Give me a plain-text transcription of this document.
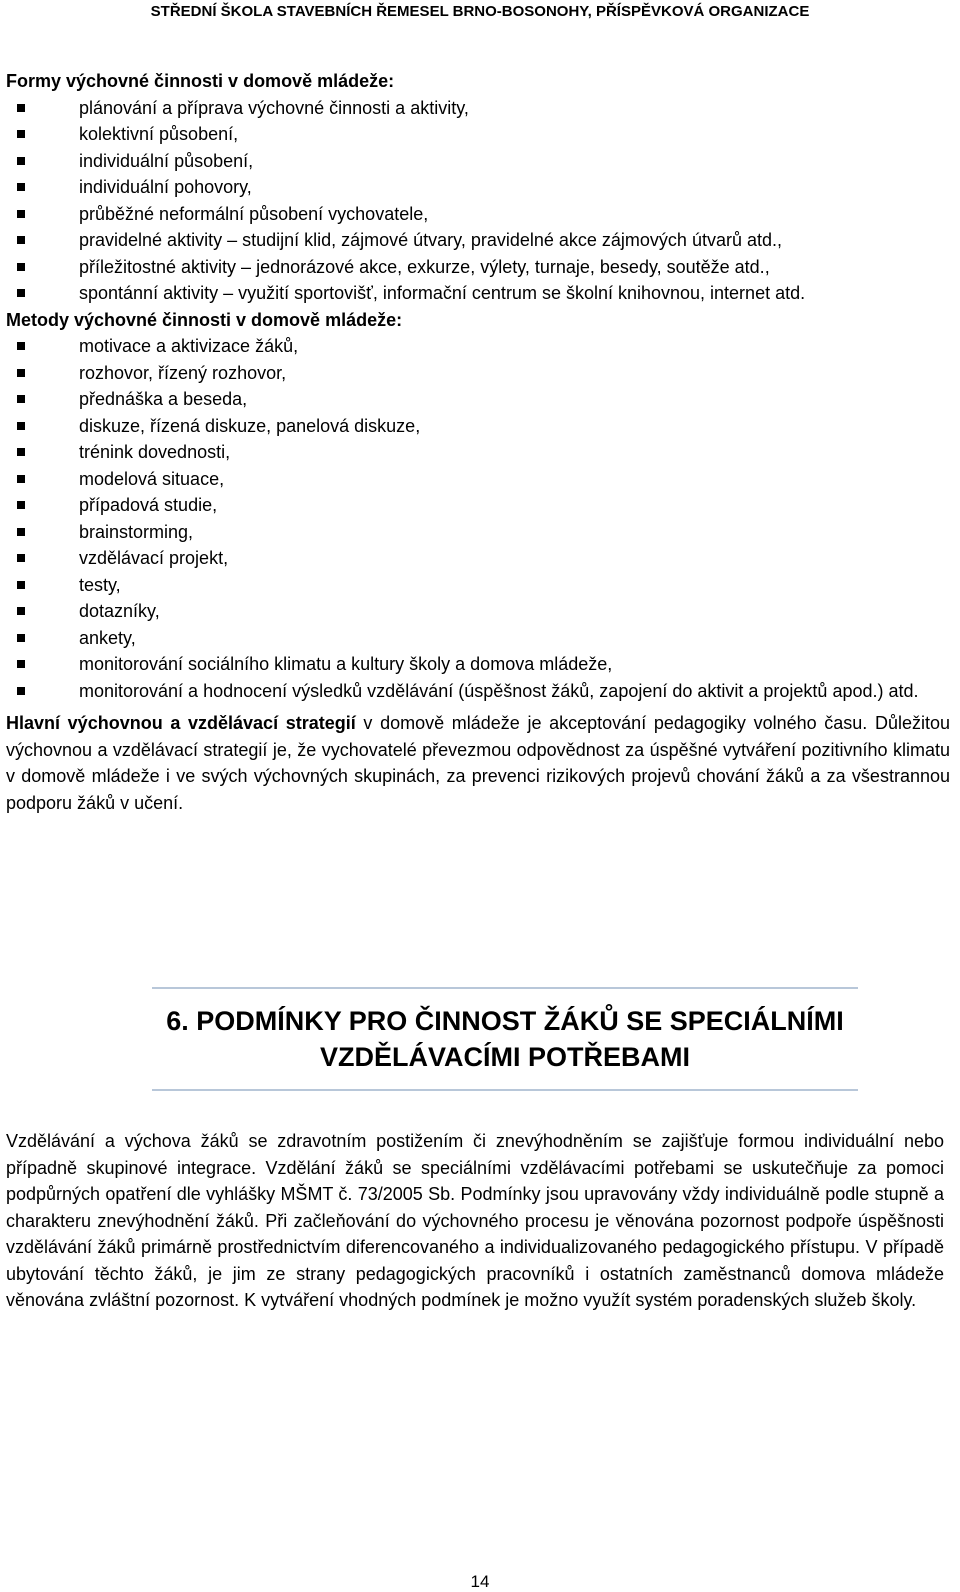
STŘEDNÍ ŠKOLA STAVEBNÍCH ŘEMESEL BRNO-BOSONOHY, PŘÍSPĚVKOVÁ ORGANIZACE

Formy výchovné činnosti v domově mládeže:

plánování a příprava výchovné činnosti a aktivity,
kolektivní působení,
individuální působení,
individuální pohovory,
průběžné neformální působení vychovatele,
pravidelné aktivity – studijní klid, zájmové útvary, pravidelné akce zájmových útvarů atd.,
příležitostné aktivity – jednorázové akce, exkurze, výlety, turnaje, besedy, soutěže atd.,
spontánní aktivity – využití sportovišť, informační centrum se školní knihovnou, internet atd.

Metody výchovné činnosti v domově mládeže:

motivace a aktivizace žáků,
rozhovor, řízený rozhovor,
přednáška a beseda,
diskuze, řízená diskuze, panelová diskuze,
trénink dovednosti,
modelová situace,
případová studie,
brainstorming,
vzdělávací projekt,
testy,
dotazníky,
ankety,
monitorování sociálního klimatu a kultury školy a domova mládeže,
monitorování a hodnocení výsledků vzdělávání (úspěšnost žáků, zapojení do aktivit a projektů apod.) atd.

Hlavní výchovnou a vzdělávací strategií v domově mládeže je akceptování pedagogiky volného času. Důležitou výchovnou a vzdělávací strategií je, že vychovatelé převezmou odpovědnost za úspěšné vytváření pozitivního klimatu v domově mládeže i ve svých výchovných skupinách, za prevenci rizikových projevů chování žáků a za všestrannou podporu žáků v učení.

6. PODMÍNKY PRO ČINNOST ŽÁKŮ SE SPECIÁLNÍMI VZDĚLÁVACÍMI POTŘEBAMI

Vzdělávání a výchova žáků se zdravotním postižením či znevýhodněním se zajišťuje formou individuální nebo případně skupinové integrace. Vzdělání žáků se speciálními vzdělávacími potřebami se uskutečňuje za pomoci podpůrných opatření dle vyhlášky MŠMT č. 73/2005 Sb. Podmínky jsou upravovány vždy individuálně podle stupně a charakteru znevýhodnění žáků. Při začleňování do výchovného procesu je věnována pozornost podpoře úspěšnosti vzdělávání žáků primárně prostřednictvím diferencovaného a individualizovaného pedagogického přístupu. V případě ubytování těchto žáků, je jim ze strany pedagogických pracovníků i ostatních zaměstnanců domova mládeže věnována zvláštní pozornost. K vytváření vhodných podmínek je možno využít systém poradenských služeb školy.

14
